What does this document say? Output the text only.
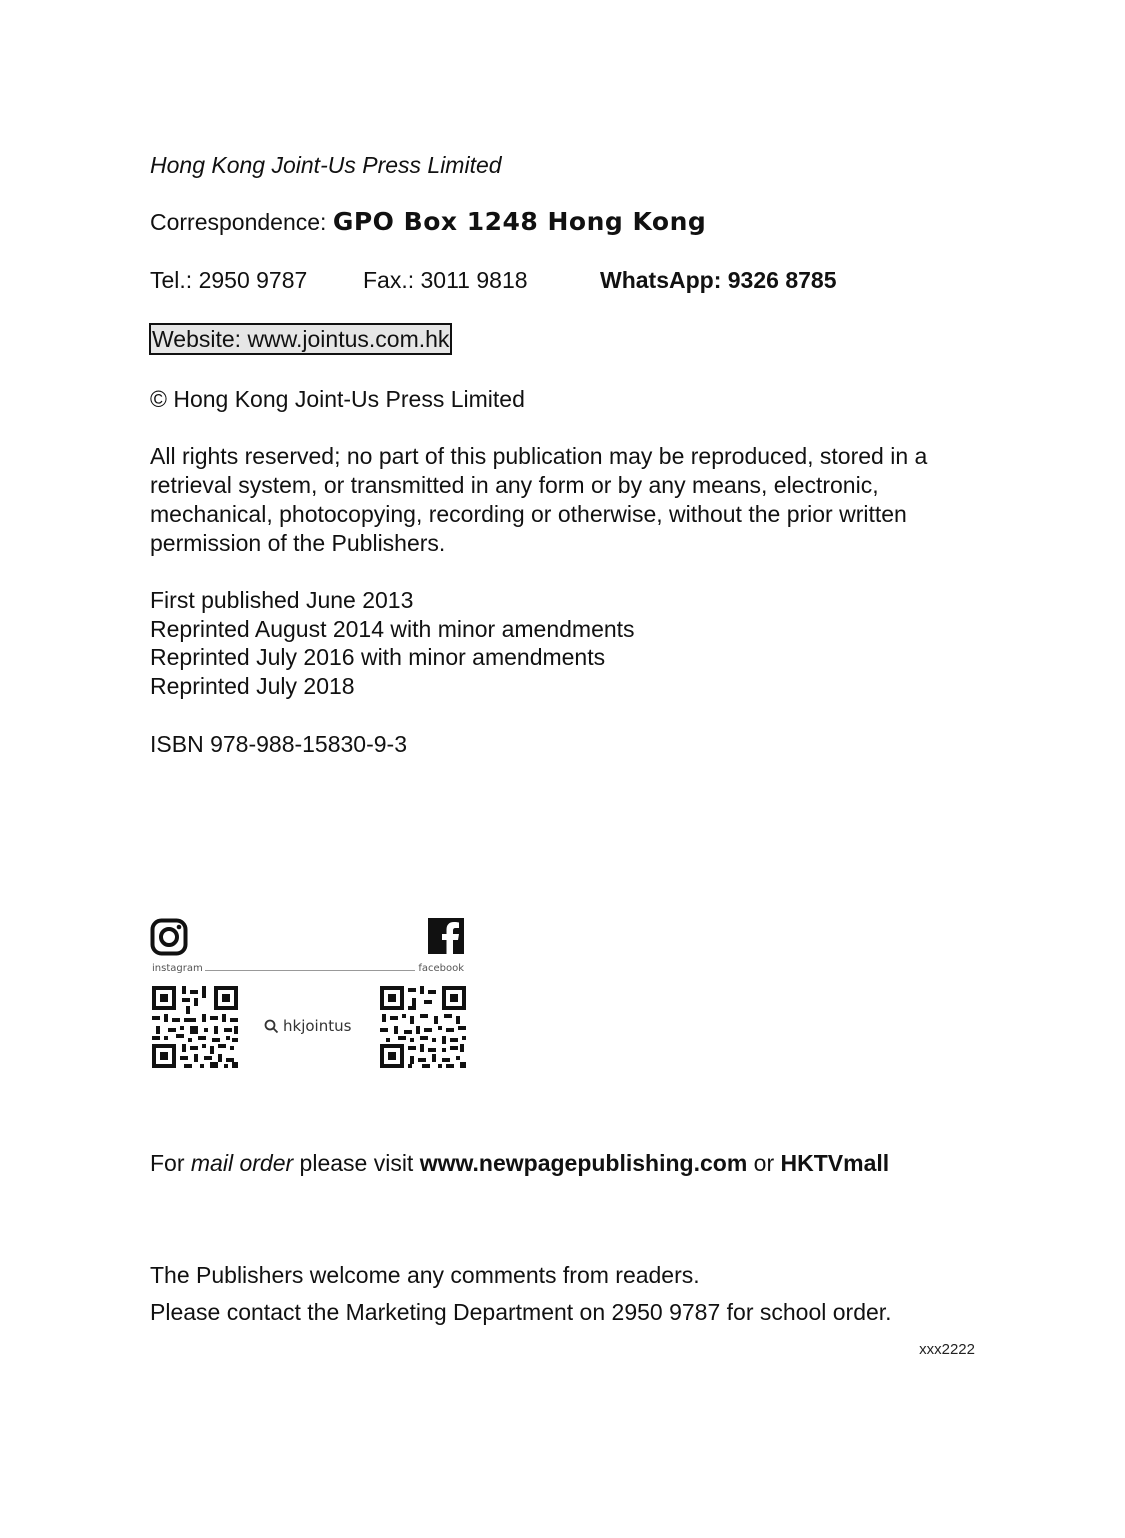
Hong Kong Joint-Us Press Limited
Correspondence: GPO Box 1248 Hong Kong
Tel.: 2950 9787 Fax.: 3011 9818	WhatsApp: 9326 8785
Website: www.jointus.com.hk
© Hong Kong Joint-Us Press Limited
All rights reserved; no part of this publication may be reproduced, stored in a retrieval system, or transmitted in any form or by any means, electronic, mechanical, photocopying, recording or otherwise, without the prior written permission of the Publishers.
First published June 2013
Reprinted August 2014 with minor amendments
Reprinted July 2016 with minor amendments
Reprinted July 2018
ISBN 978-988-15830-9-3
instagram	facebook
hkjointus
For mail order please visit www.newpagepublishing.com or HKTVmall
The Publishers welcome any comments from readers.
Please contact the Marketing Department on 2950 9787 for school order.
xxx2222
